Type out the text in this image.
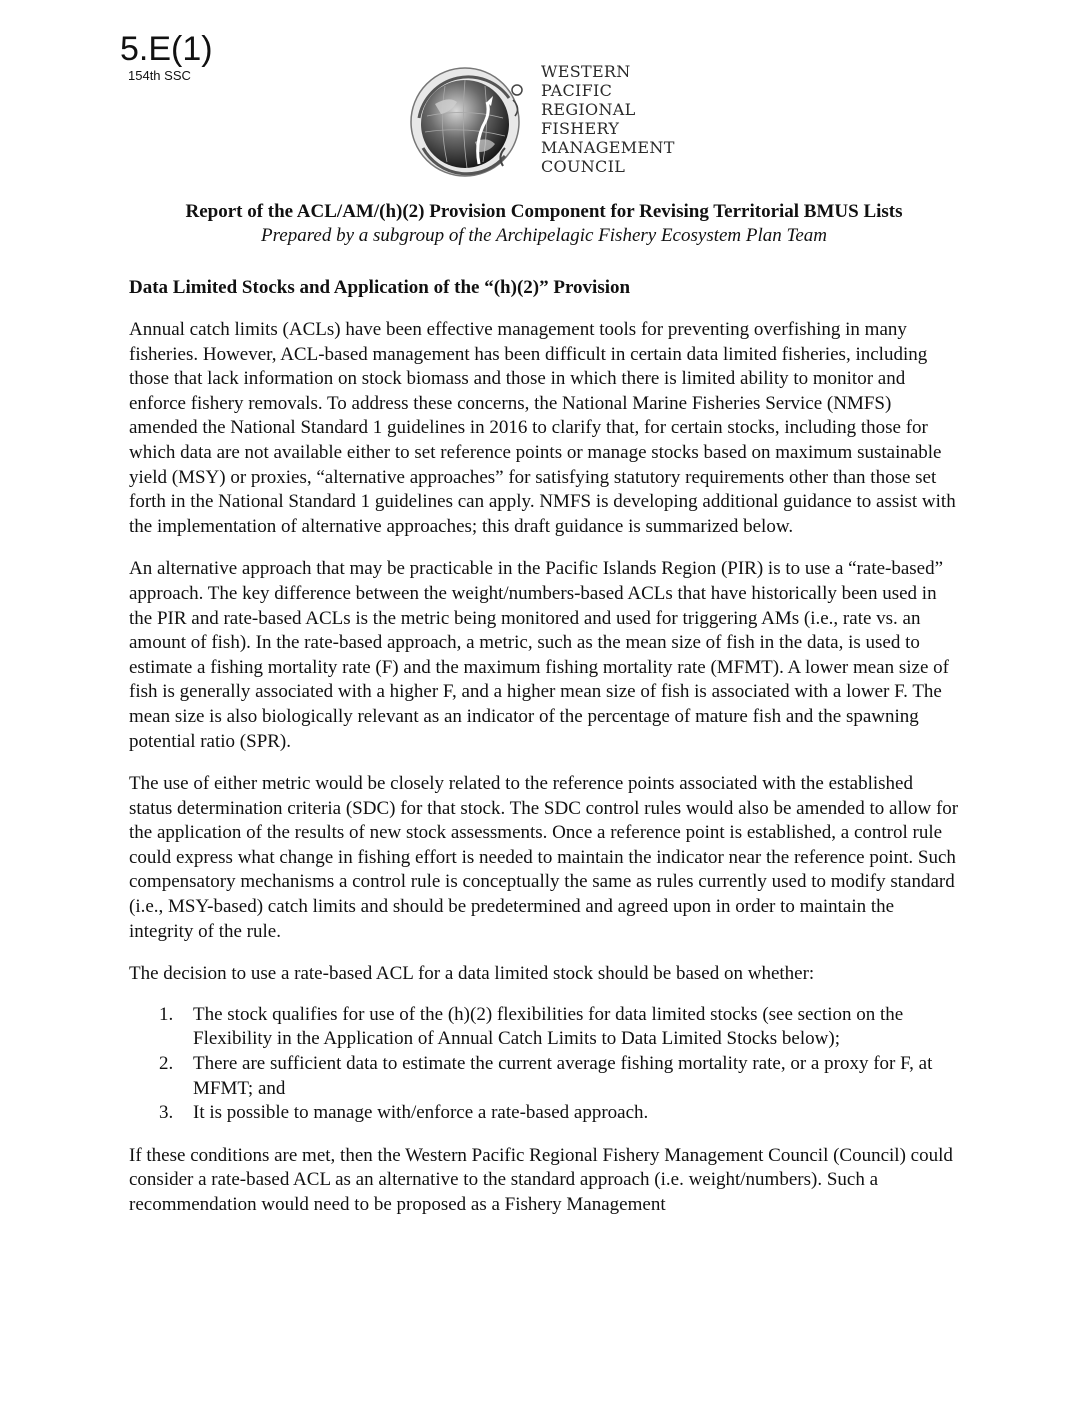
5.E(1)
154th SSC	WESTERN
PACIFIC
REGIONAL
FISHERY
MANAGEMENT
COUNCIL

Report of the ACL/AM/(h)(2) Provision Component for Revising Territorial BMUS Lists

Prepared by a subgroup of the Archipelagic Fishery Ecosystem Plan Team

Data Limited Stocks and Application of the “(h)(2)” Provision

Annual catch limits (ACLs) have been effective management tools for preventing overfishing in many fisheries. However, ACL-based management has been difficult in certain data limited fisheries, including those that lack information on stock biomass and those in which there is limited ability to monitor and enforce fishery removals. To address these concerns, the National Marine Fisheries Service (NMFS) amended the National Standard 1 guidelines in 2016 to clarify that, for certain stocks, including those for which data are not available either to set reference points or manage stocks based on maximum sustainable yield (MSY) or proxies, “alternative approaches” for satisfying statutory requirements other than those set forth in the National Standard 1 guidelines can apply. NMFS is developing additional guidance to assist with the implementation of alternative approaches; this draft guidance is summarized below.

An alternative approach that may be practicable in the Pacific Islands Region (PIR) is to use a “rate-based” approach. The key difference between the weight/numbers-based ACLs that have historically been used in the PIR and rate-based ACLs is the metric being monitored and used for triggering AMs (i.e., rate vs. an amount of fish). In the rate-based approach, a metric, such as the mean size of fish in the data, is used to estimate a fishing mortality rate (F) and the maximum fishing mortality rate (MFMT). A lower mean size of fish is generally associated with a higher F, and a higher mean size of fish is associated with a lower F. The mean size is also biologically relevant as an indicator of the percentage of mature fish and the spawning potential ratio (SPR).

The use of either metric would be closely related to the reference points associated with the established status determination criteria (SDC) for that stock. The SDC control rules would also be amended to allow for the application of the results of new stock assessments. Once a reference point is established, a control rule could express what change in fishing effort is needed to maintain the indicator near the reference point. Such compensatory mechanisms a control rule is conceptually the same as rules currently used to modify standard (i.e., MSY-based) catch limits and should be predetermined and agreed upon in order to maintain the integrity of the rule.

The decision to use a rate-based ACL for a data limited stock should be based on whether:

1. The stock qualifies for use of the (h)(2) flexibilities for data limited stocks (see section on the Flexibility in the Application of Annual Catch Limits to Data Limited Stocks below);
2. There are sufficient data to estimate the current average fishing mortality rate, or a proxy for F, at MFMT; and
3. It is possible to manage with/enforce a rate-based approach.

If these conditions are met, then the Western Pacific Regional Fishery Management Council (Council) could consider a rate-based ACL as an alternative to the standard approach (i.e. weight/numbers). Such a recommendation would need to be proposed as a Fishery Management
